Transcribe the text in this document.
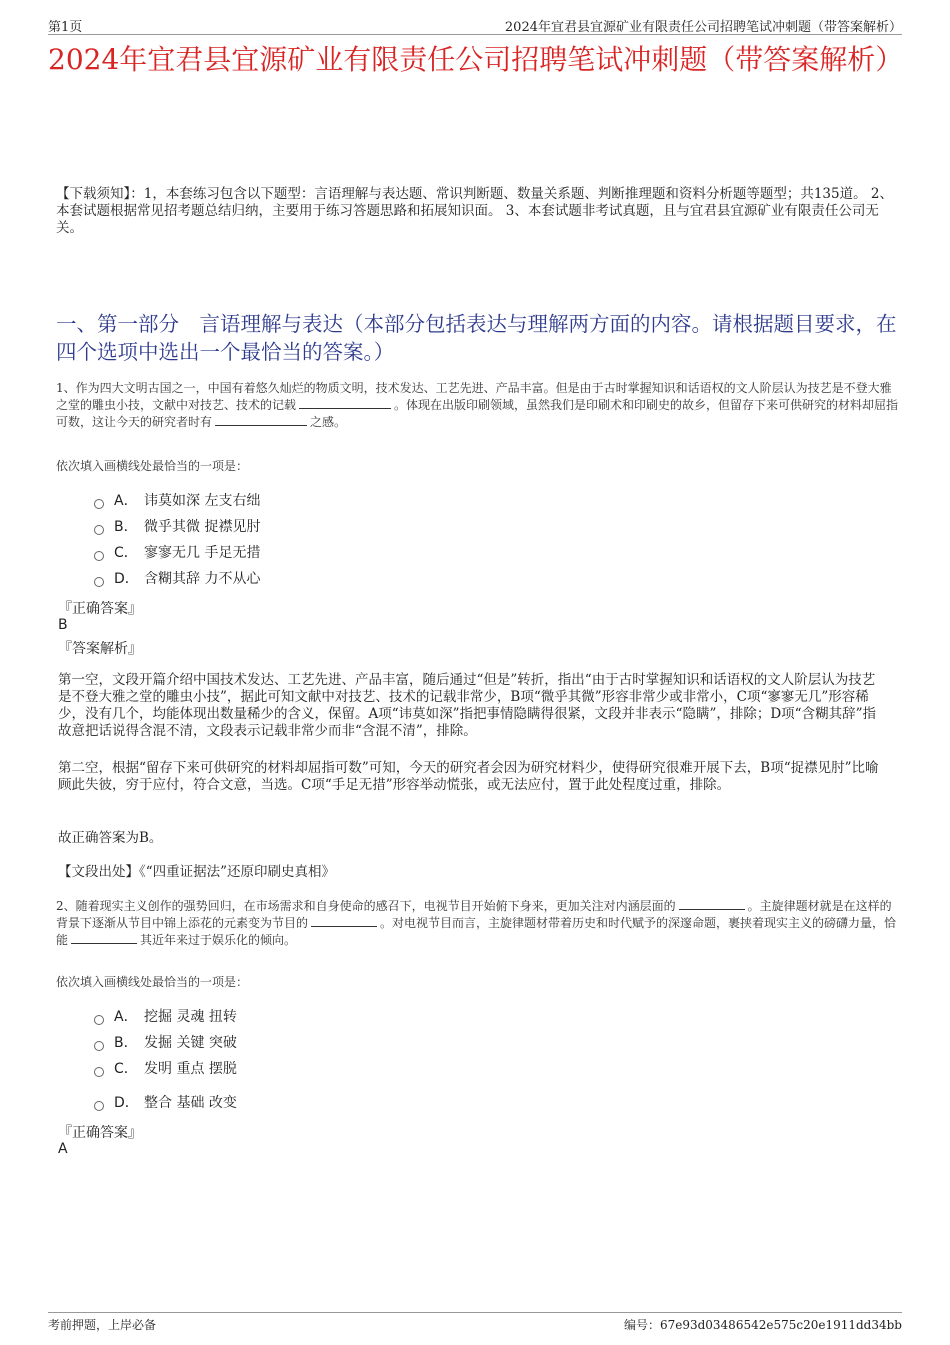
第1页	2024年宜君县宜源矿业有限责任公司招聘笔试冲刺题（带答案解析）
2024年宜君县宜源矿业有限责任公司招聘笔试冲刺题（带答案解析）
【下载须知】：1，本套练习包含以下题型：言语理解与表达题、常识判断题、数量关系题、判断推理题和资料分析题等题型；共135道。 2、本套试题根据常见招考题总结归纳，主要用于练习答题思路和拓展知识面。 3、本套试题非考试真题，且与宜君县宜源矿业有限责任公司无关。
一、第一部分　言语理解与表达（本部分包括表达与理解两方面的内容。请根据题目要求，在四个选项中选出一个最恰当的答案。）
1、作为四大文明古国之一，中国有着悠久灿烂的物质文明，技术发达、工艺先进、产品丰富。但是由于古时掌握知识和话语权的文人阶层认为技艺是不登大雅之堂的雕虫小技，文献中对技艺、技术的记载	。体现在出版印刷领域，虽然我们是印刷术和印刷史的故乡，但留存下来可供研究的材料却屈指可数，这让今天的研究者时有	之感。
依次填入画横线处最恰当的一项是：
A． 讳莫如深 左支右绌
B． 微乎其微 捉襟见肘
C． 寥寥无几 手足无措
D． 含糊其辞 力不从心
『正确答案』
B
『答案解析』
第一空，文段开篇介绍中国技术发达、工艺先进、产品丰富，随后通过“但是”转折，指出“由于古时掌握知识和话语权的文人阶层认为技艺是不登大雅之堂的雕虫小技”，据此可知文献中对技艺、技术的记载非常少，B项“微乎其微”形容非常少或非常小，C项“寥寥无几”形容稀少，没有几个，均能体现出数量稀少的含义，保留。A项“讳莫如深”指把事情隐瞒得很紧，文段并非表示“隐瞒”，排除；D项“含糊其辞”指故意把话说得含混不清，文段表示记载非常少而非“含混不清”，排除。
第二空，根据“留存下来可供研究的材料却屈指可数”可知，今天的研究者会因为研究材料少，使得研究很难开展下去，B项“捉襟见肘”比喻顾此失彼，穷于应付，符合文意，当选。C项“手足无措”形容举动慌张，或无法应付，置于此处程度过重，排除。
故正确答案为B。
【文段出处】《“四重证据法”还原印刷史真相》
2、随着现实主义创作的强势回归，在市场需求和自身使命的感召下，电视节目开始俯下身来，更加关注对内涵层面的	。主旋律题材就是在这样的背景下逐渐从节目中锦上添花的元素变为节目的	。对电视节目而言，主旋律题材带着历史和时代赋予的深邃命题，裹挟着现实主义的磅礴力量，恰能	其近年来过于娱乐化的倾向。
依次填入画横线处最恰当的一项是：
A． 挖掘 灵魂 扭转
B． 发掘 关键 突破
C． 发明 重点 摆脱
D． 整合 基础 改变
『正确答案』
A
考前押题，上岸必备	编号：67e93d03486542e575c20e1911dd34bb
